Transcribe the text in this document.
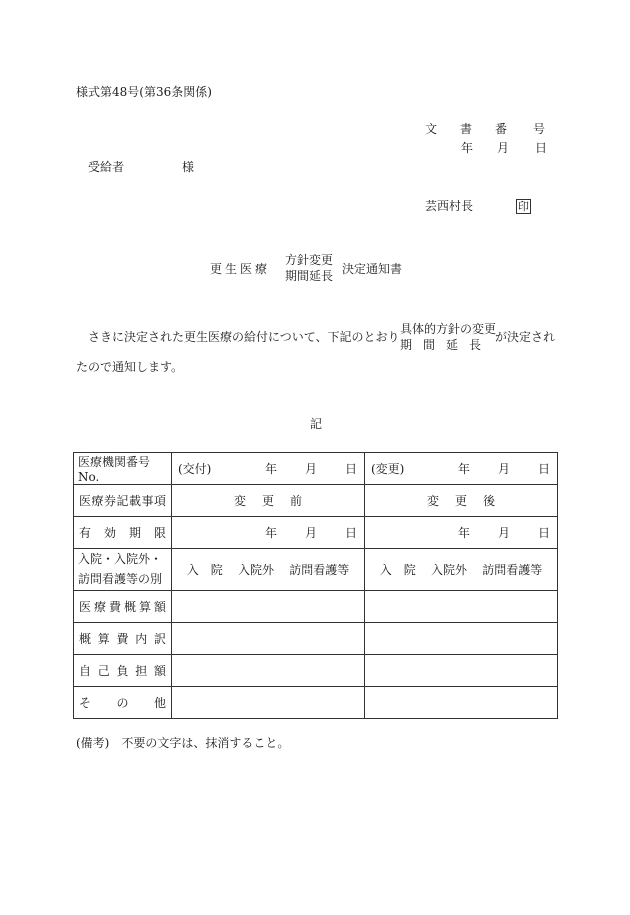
様式第48号(第36条関係)
文 書 番 号
年 月 日
受給者	様
芸西村長	印
更生医療
方針変更
期間延長 決定通知書
さきに決定された更生医療の給付について、下記のとおり
具体的方針の変更
期 間 延 長
が決定され
たので通知します。
記
医療機関番号No.	(交付) 年 月 日	(変更) 年 月 日

医療券記載事項	変 更 前	変 更 後
有効期限	年 月 日	年 月 日

入院・入院外・
訪問看護等の別	入　院 入院外 訪問看護等	入　院 入院外 訪問看護等
医療費概算額		
概算費内訳		
自己負担額		
その他		
(備考)　不要の文字は、抹消すること。
